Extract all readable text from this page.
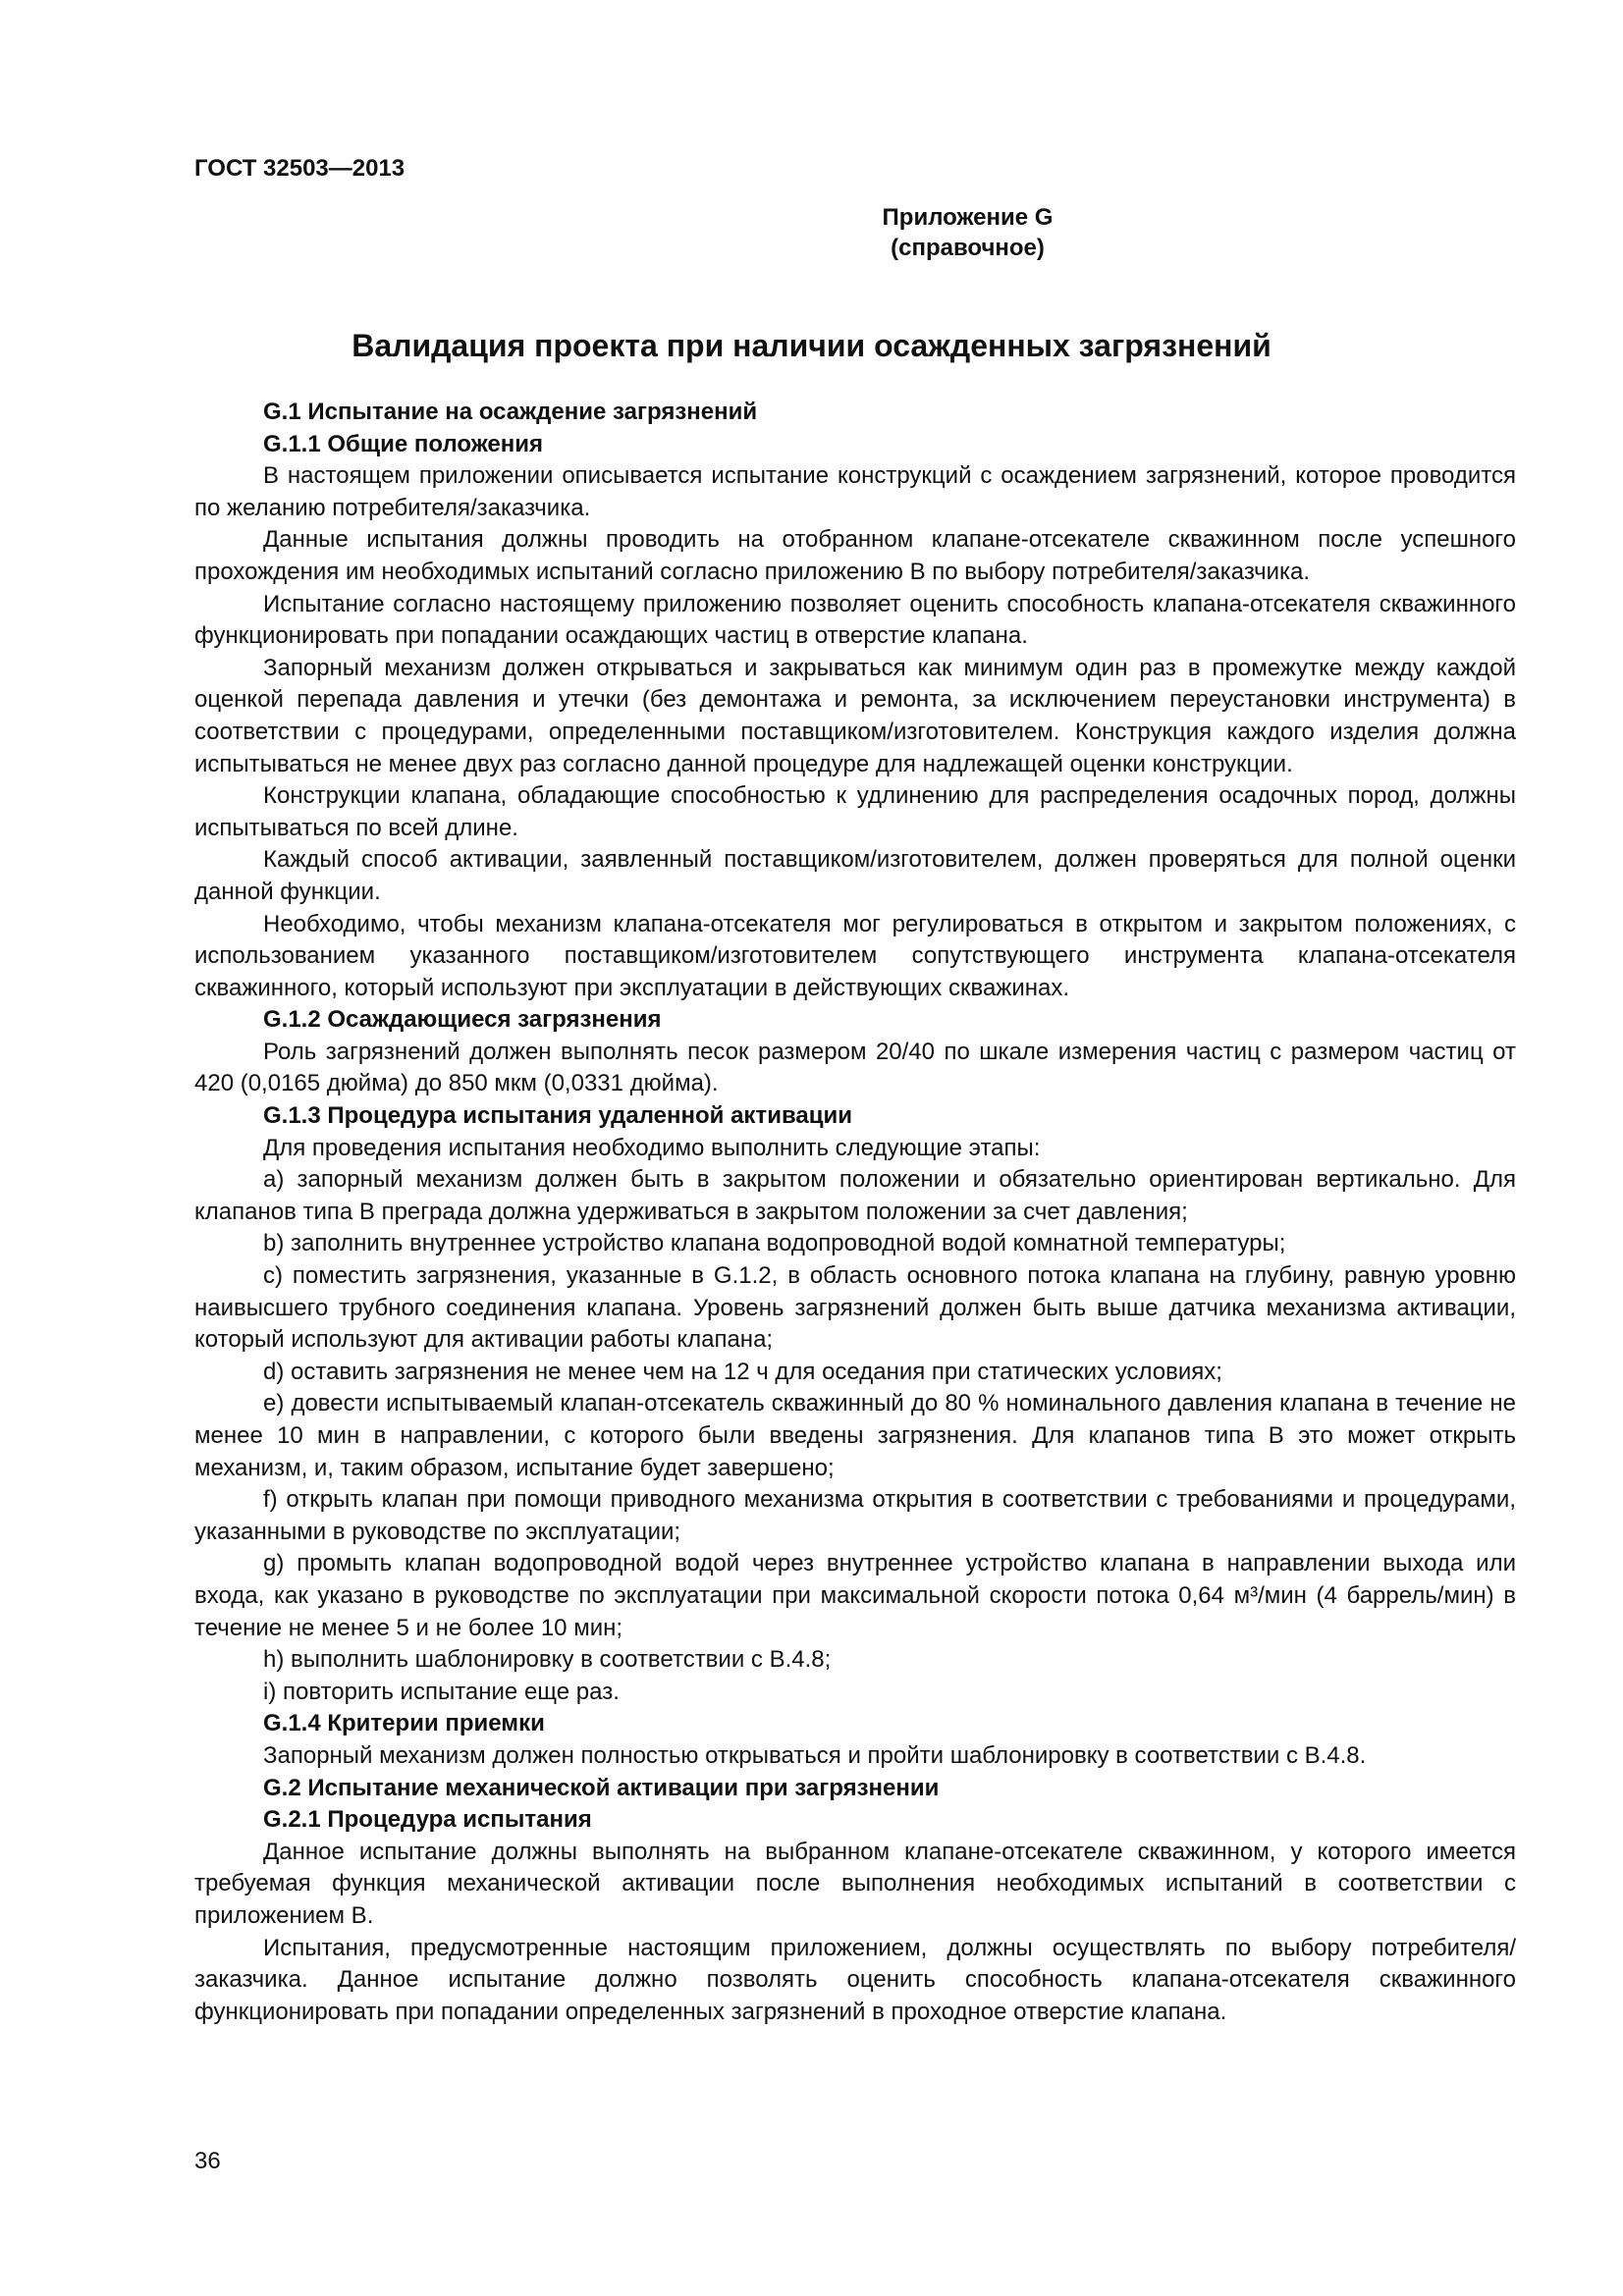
ГОСТ 32503—2013
Приложение G
(справочное)
Валидация проекта при наличии осажденных загрязнений

G.1 Испытание на осаждение загрязнений

G.1.1 Общие положения

В настоящем приложении описывается испытание конструкций с осаждением загрязнений, которое проводится по желанию потребителя/заказчика.

Данные испытания должны проводить на отобранном клапане-отсекателе скважинном после успешного прохождения им необходимых испытаний согласно приложению В по выбору потребителя/заказчика.

Испытание согласно настоящему приложению позволяет оценить способность клапана-отсекателя скважинного функционировать при попадании осаждающих частиц в отверстие клапана.

Запорный механизм должен открываться и закрываться как минимум один раз в промежутке между каждой оценкой перепада давления и утечки (без демонтажа и ремонта, за исключением переустановки инструмента) в соответствии с процедурами, определенными поставщиком/изготовителем. Конструкция каждого изделия должна испытываться не менее двух раз согласно данной процедуре для надлежащей оценки конструкции.

Конструкции клапана, обладающие способностью к удлинению для распределения осадочных пород, должны испытываться по всей длине.

Каждый способ активации, заявленный поставщиком/изготовителем, должен проверяться для полной оценки данной функции.

Необходимо, чтобы механизм клапана-отсекателя мог регулироваться в открытом и закрытом положениях, с использованием указанного поставщиком/изготовителем сопутствующего инструмента клапана-отсекателя скважинного, который используют при эксплуатации в действующих скважинах.

G.1.2 Осаждающиеся загрязнения

Роль загрязнений должен выполнять песок размером 20/40 по шкале измерения частиц с размером частиц от 420 (0,0165 дюйма) до 850 мкм (0,0331 дюйма).

G.1.3 Процедура испытания удаленной активации

Для проведения испытания необходимо выполнить следующие этапы:

a) запорный механизм должен быть в закрытом положении и обязательно ориентирован вертикально. Для клапанов типа В преграда должна удерживаться в закрытом положении за счет давления;

b) заполнить внутреннее устройство клапана водопроводной водой комнатной температуры;

c) поместить загрязнения, указанные в G.1.2, в область основного потока клапана на глубину, равную уровню наивысшего трубного соединения клапана. Уровень загрязнений должен быть выше датчика механизма активации, который используют для активации работы клапана;

d) оставить загрязнения не менее чем на 12 ч для оседания при статических условиях;

e) довести испытываемый клапан-отсекатель скважинный до 80 % номинального давления клапана в течение не менее 10 мин в направлении, с которого были введены загрязнения. Для клапанов типа В это может открыть механизм, и, таким образом, испытание будет завершено;

f) открыть клапан при помощи приводного механизма открытия в соответствии с требованиями и процедурами, указанными в руководстве по эксплуатации;

g) промыть клапан водопроводной водой через внутреннее устройство клапана в направлении выхода или входа, как указано в руководстве по эксплуатации при максимальной скорости потока 0,64 м³/мин (4 баррель/мин) в течение не менее 5 и не более 10 мин;

h) выполнить шаблонировку в соответствии с В.4.8;

i) повторить испытание еще раз.

G.1.4 Критерии приемки

Запорный механизм должен полностью открываться и пройти шаблонировку в соответствии с В.4.8.

G.2 Испытание механической активации при загрязнении

G.2.1 Процедура испытания

Данное испытание должны выполнять на выбранном клапане-отсекателе скважинном, у которого имеется требуемая функция механической активации после выполнения необходимых испытаний в соответствии с приложением В.

Испытания, предусмотренные настоящим приложением, должны осуществлять по выбору потребителя/заказчика. Данное испытание должно позволять оценить способность клапана-отсекателя скважинного функционировать при попадании определенных загрязнений в проходное отверстие клапана.

36
